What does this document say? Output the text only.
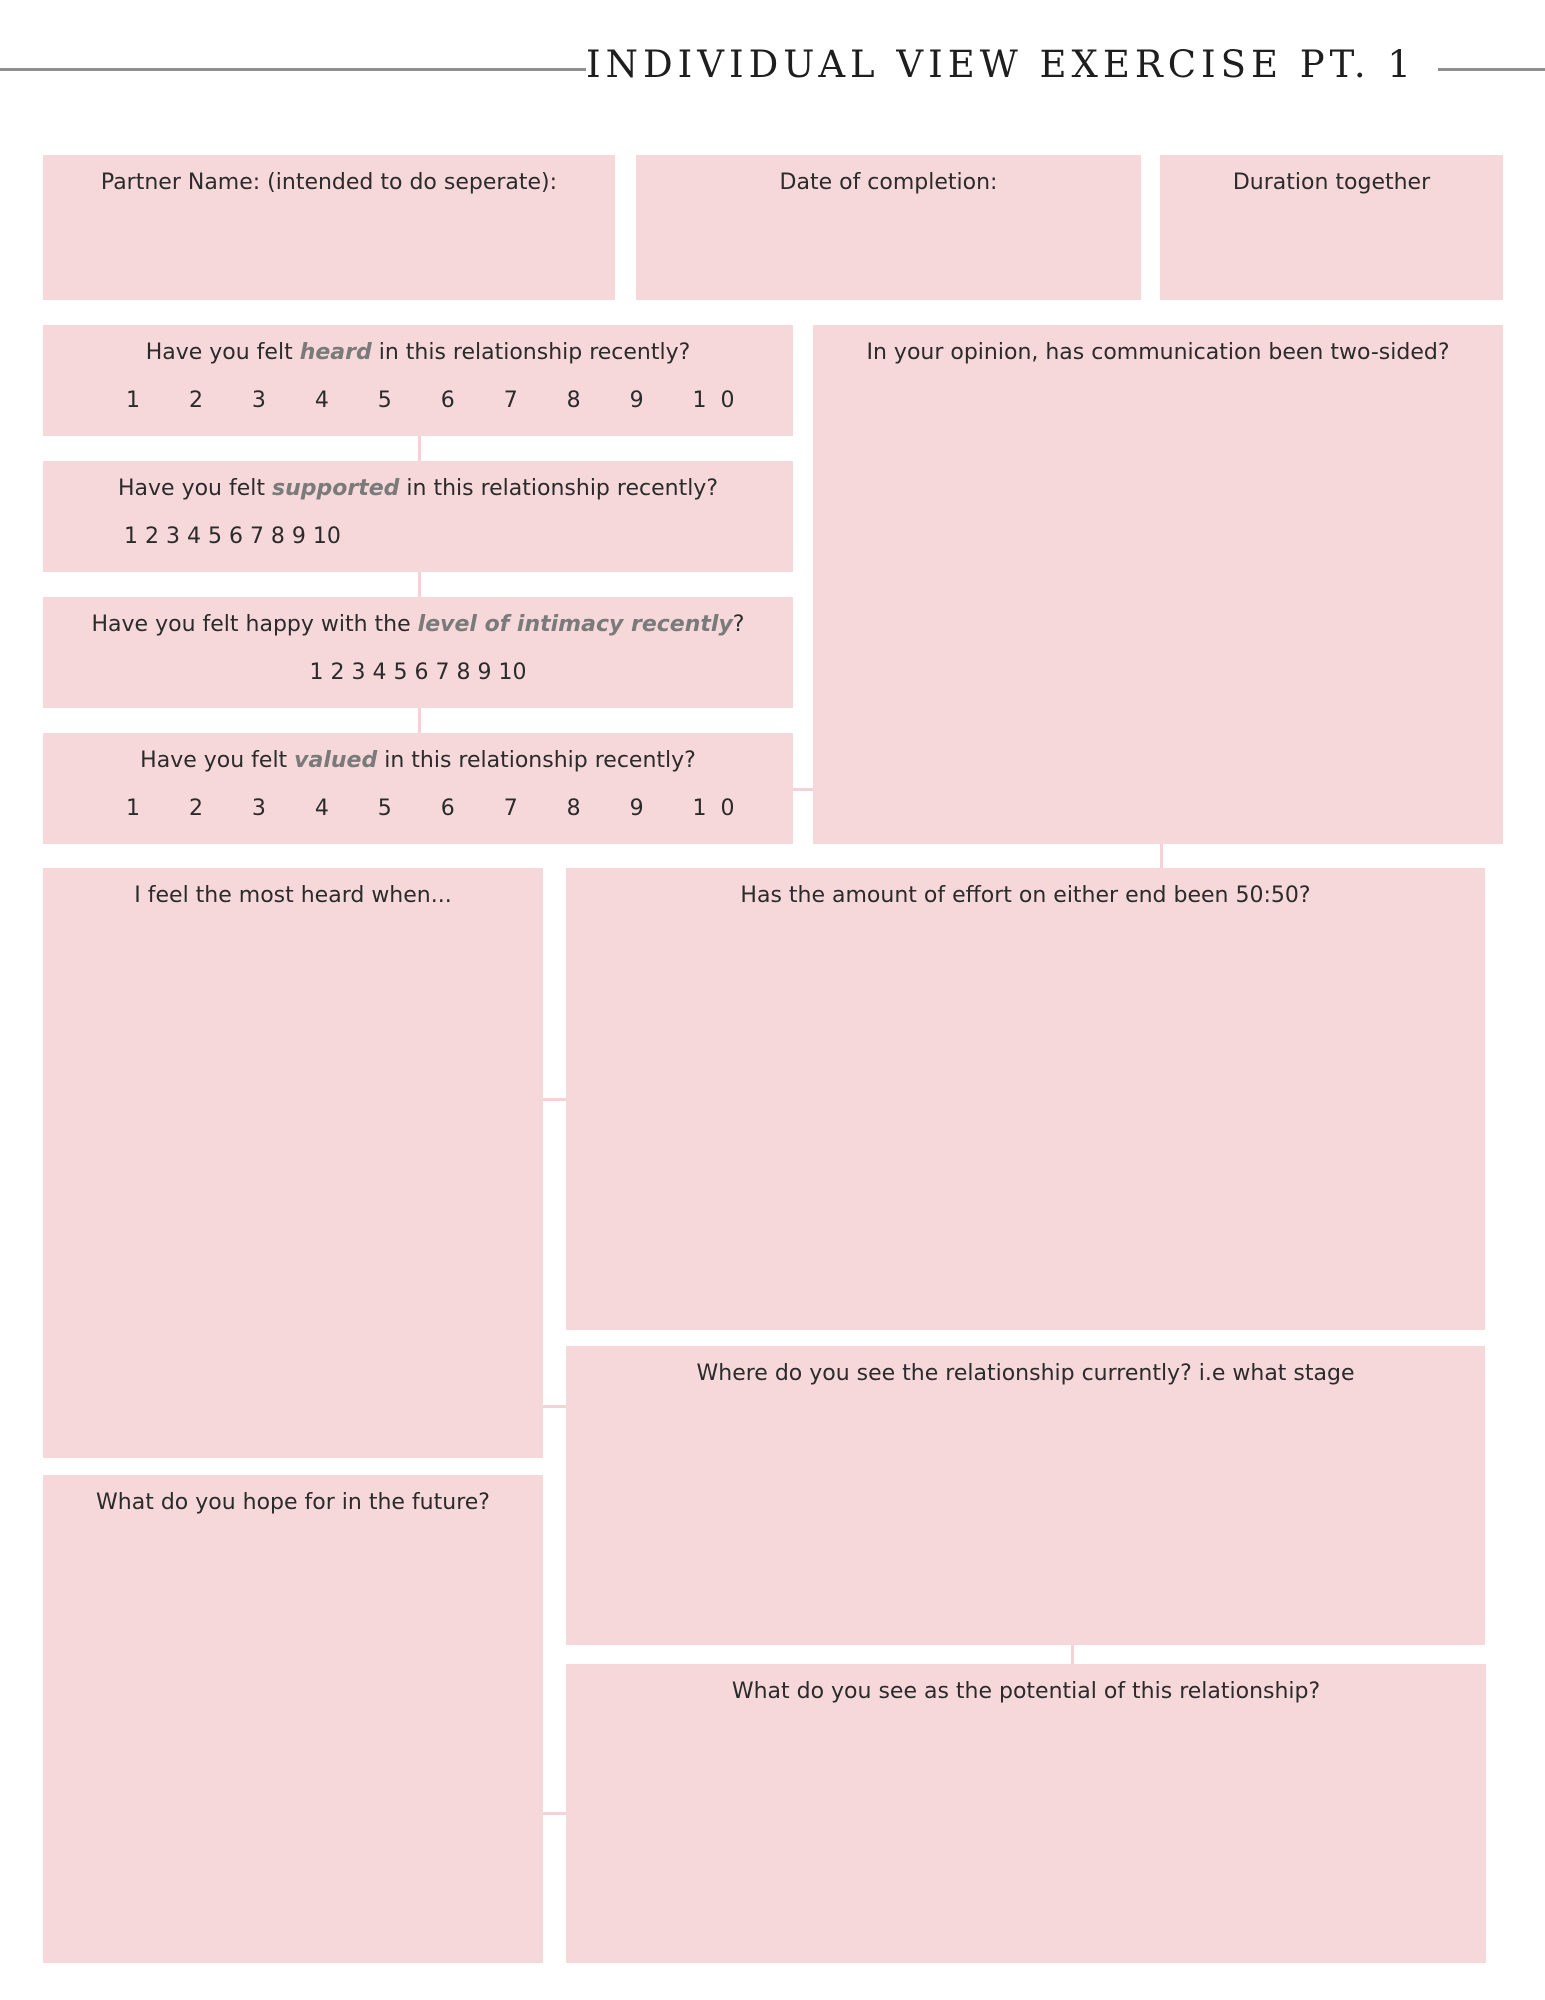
INDIVIDUAL VIEW EXERCISE PT. 1
Partner Name: (intended to do seperate):	Date of completion:	Duration together
Have you felt heard in this relationship recently?
1       2       3       4       5       6       7       8       9       1  0
Have you felt supported in this relationship recently?
1 2 3 4 5 6 7 8 9 10
Have you felt happy with the level of intimacy recently?
1 2 3 4 5 6 7 8 9 10
Have you felt valued in this relationship recently?
1       2       3       4       5       6       7       8       9       1  0
In your opinion, has communication been two-sided?
I feel the most heard when...	Has the amount of effort on either end been 50:50?
Where do you see the relationship currently? i.e what stage
What do you hope for in the future?
What do you see as the potential of this relationship?
